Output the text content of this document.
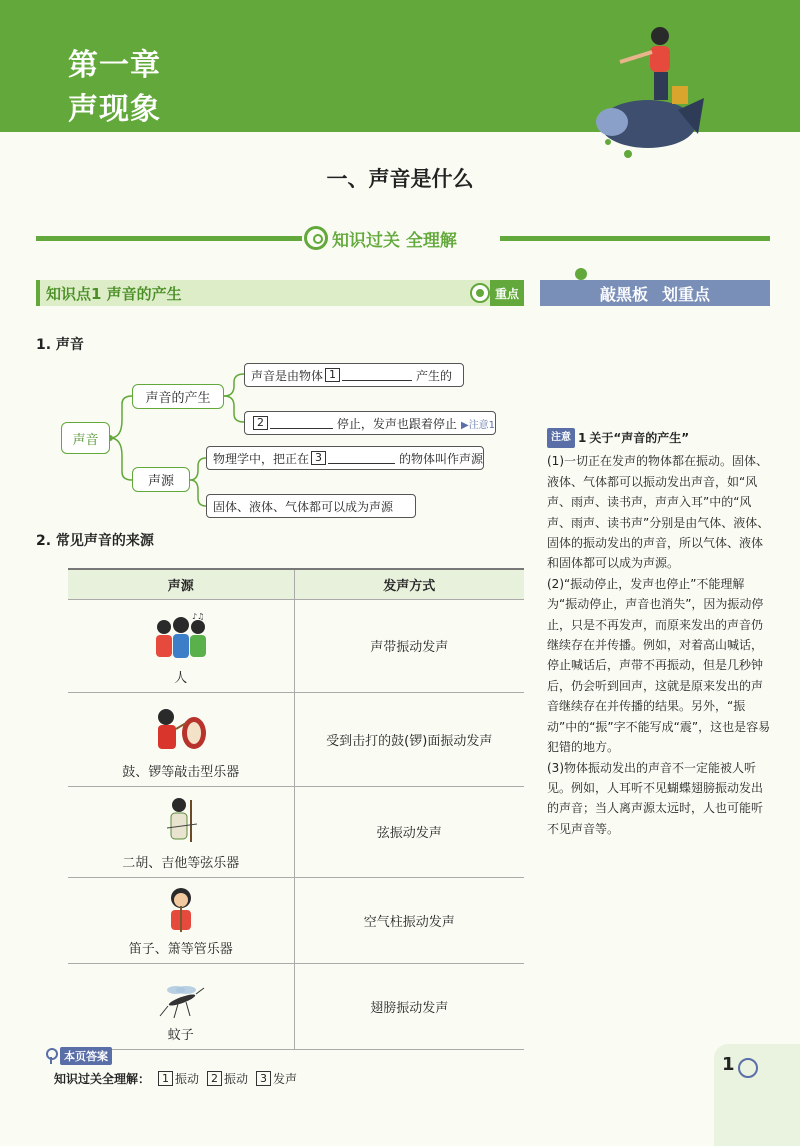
第一章
声现象
一、声音是什么
知识过关 全理解
知识点1 声音的产生	重点	敲黑板 划重点
1. 声音
声音
声音的产生
声源
声音是由物体 1	产生的
2	停止，发声也跟着停止 ▶注意1
物理学中，把正在 3	的物体叫作声源
固体、液体、气体都可以成为声源
2. 常见声音的来源
声源	发声方式

♪♫
人	声带振动发声

鼓、锣等敲击型乐器	受到击打的鼓(锣)面振动发声

二胡、吉他等弦乐器	弦振动发声

笛子、箫等管乐器	空气柱振动发声

蚊子	翅膀振动发声
注意 1 关于“声音的产生”

(1)一切正在发声的物体都在振动。固体、液体、气体都可以振动发出声音，如“风声、雨声、读书声，声声入耳”中的“风声、雨声、读书声”分别是由气体、液体、固体的振动发出的声音，所以气体、液体和固体都可以成为声源。

(2)“振动停止，发声也停止”不能理解为“振动停止，声音也消失”，因为振动停止，只是不再发声，而原来发出的声音仍继续存在并传播。例如，对着高山喊话，停止喊话后，声带不再振动，但是几秒钟后，仍会听到回声，这就是原来发出的声音继续存在并传播的结果。另外，“振动”中的“振”字不能写成“震”，这也是容易犯错的地方。

(3)物体振动发出的声音不一定能被人听见。例如，人耳听不见蝴蝶翅膀振动发出的声音；当人离声源太远时，人也可能听不见声音等。

本页答案
知识过关全理解：	1 振动	2 振动	3 发声
1
